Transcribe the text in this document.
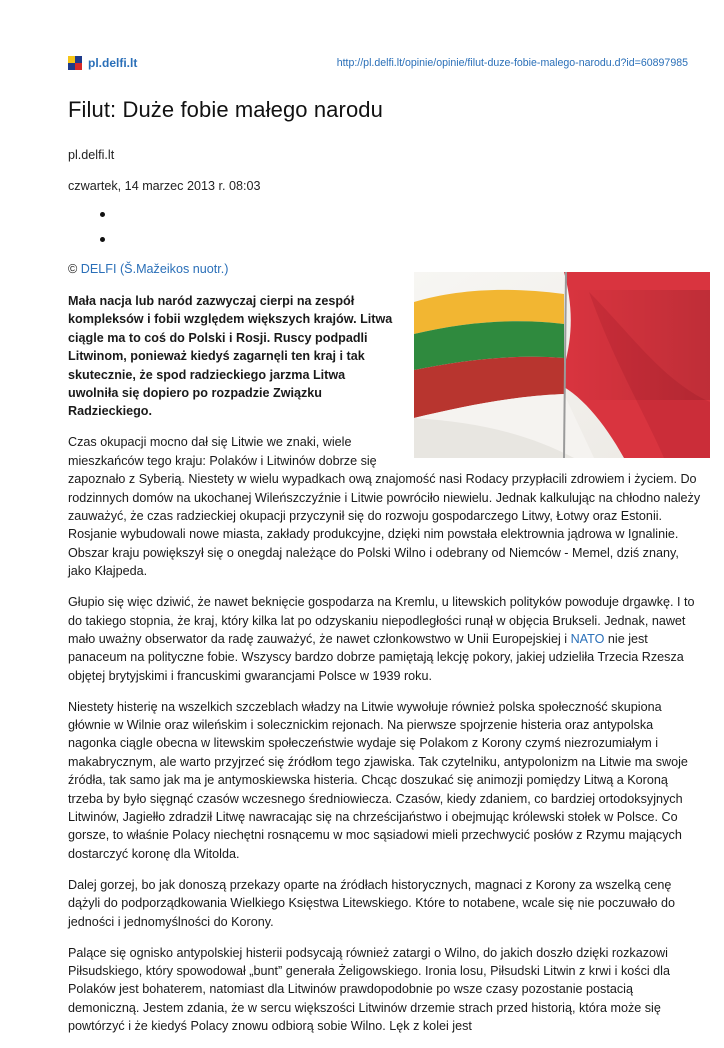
pl.delfi.lt	http://pl.delfi.lt/opinie/opinie/filut-duze-fobie-malego-narodu.d?id=60897985
Filut: Duże fobie małego narodu

pl.delfi.lt

czwartek, 14 marzec 2013 r. 08:03

© DELFI (Š.Mažeikos nuotr.)

Mała nacja lub naród zazwyczaj cierpi na zespół kompleksów i fobii względem większych krajów. Litwa ciągle ma to coś do Polski i Rosji. Ruscy podpadli Litwinom, ponieważ kiedyś zagarnęli ten kraj i tak skutecznie, że spod radzieckiego jarzma Litwa uwolniła się dopiero po rozpadzie Związku Radzieckiego.

Czas okupacji mocno dał się Litwie we znaki, wiele mieszkańców tego kraju: Polaków i Litwinów dobrze się
zapoznało z Syberią. Niestety w wielu wypadkach ową znajomość nasi Rodacy przypłacili zdrowiem i życiem. Do rodzinnych domów na ukochanej Wileńszczyźnie i Litwie powróciło niewielu. Jednak kalkulując na chłodno należy zauważyć, że czas radzieckiej okupacji przyczynił się do rozwoju gospodarczego Litwy, Łotwy oraz Estonii. Rosjanie wybudowali nowe miasta, zakłady produkcyjne, dzięki nim powstała elektrownia jądrowa w Ignalinie. Obszar kraju powiększył się o onegdaj należące do Polski Wilno i odebrany od Niemców - Memel, dziś znany, jako Kłajpeda.

Głupio się więc dziwić, że nawet beknięcie gospodarza na Kremlu, u litewskich polityków powoduje drgawkę. I to do takiego stopnia, że kraj, który kilka lat po odzyskaniu niepodległości runął w objęcia Brukseli. Jednak, nawet mało uważny obserwator da radę zauważyć, że nawet członkowstwo w Unii Europejskiej i NATO nie jest panaceum na polityczne fobie. Wszyscy bardzo dobrze pamiętają lekcję pokory, jakiej udzieliła Trzecia Rzesza objętej brytyjskimi i francuskimi gwarancjami Polsce w 1939 roku.

Niestety histerię na wszelkich szczeblach władzy na Litwie wywołuje również polska społeczność skupiona głównie w Wilnie oraz wileńskim i solecznickim rejonach. Na pierwsze spojrzenie histeria oraz antypolska nagonka ciągle obecna w litewskim społeczeństwie wydaje się Polakom z Korony czymś niezrozumiałym i makabrycznym, ale warto przyjrzeć się źródłom tego zjawiska. Tak czytelniku, antypolonizm na Litwie ma swoje źródła, tak samo jak ma je antymoskiewska histeria. Chcąc doszukać się animozji pomiędzy Litwą a Koroną trzeba by było sięgnąć czasów wczesnego średniowiecza. Czasów, kiedy zdaniem, co bardziej ortodoksyjnych Litwinów, Jagiełło zdradził Litwę nawracając się na chrześcijaństwo i obejmując królewski stołek w Polsce. Co gorsze, to właśnie Polacy niechętni rosnącemu w moc sąsiadowi mieli przechwycić posłów z Rzymu mających dostarczyć koronę dla Witolda.

Dalej gorzej, bo jak donoszą przekazy oparte na źródłach historycznych, magnaci z Korony za wszelką cenę dążyli do podporządkowania Wielkiego Księstwa Litewskiego. Które to notabene, wcale się nie poczuwało do jedności i jednomyślności do Korony.

Palące się ognisko antypolskiej histerii podsycają również zatargi o Wilno, do jakich doszło dzięki rozkazowi Piłsudskiego, który spowodował „bunt” generała Żeligowskiego. Ironia losu, Piłsudski Litwin z krwi i kości dla Polaków jest bohaterem, natomiast dla Litwinów prawdopodobnie po wsze czasy pozostanie postacią demoniczną. Jestem zdania, że w sercu większości Litwinów drzemie strach przed historią, która może się powtórzyć i że kiedyś Polacy znowu odbiorą sobie Wilno. Lęk z kolei jest
